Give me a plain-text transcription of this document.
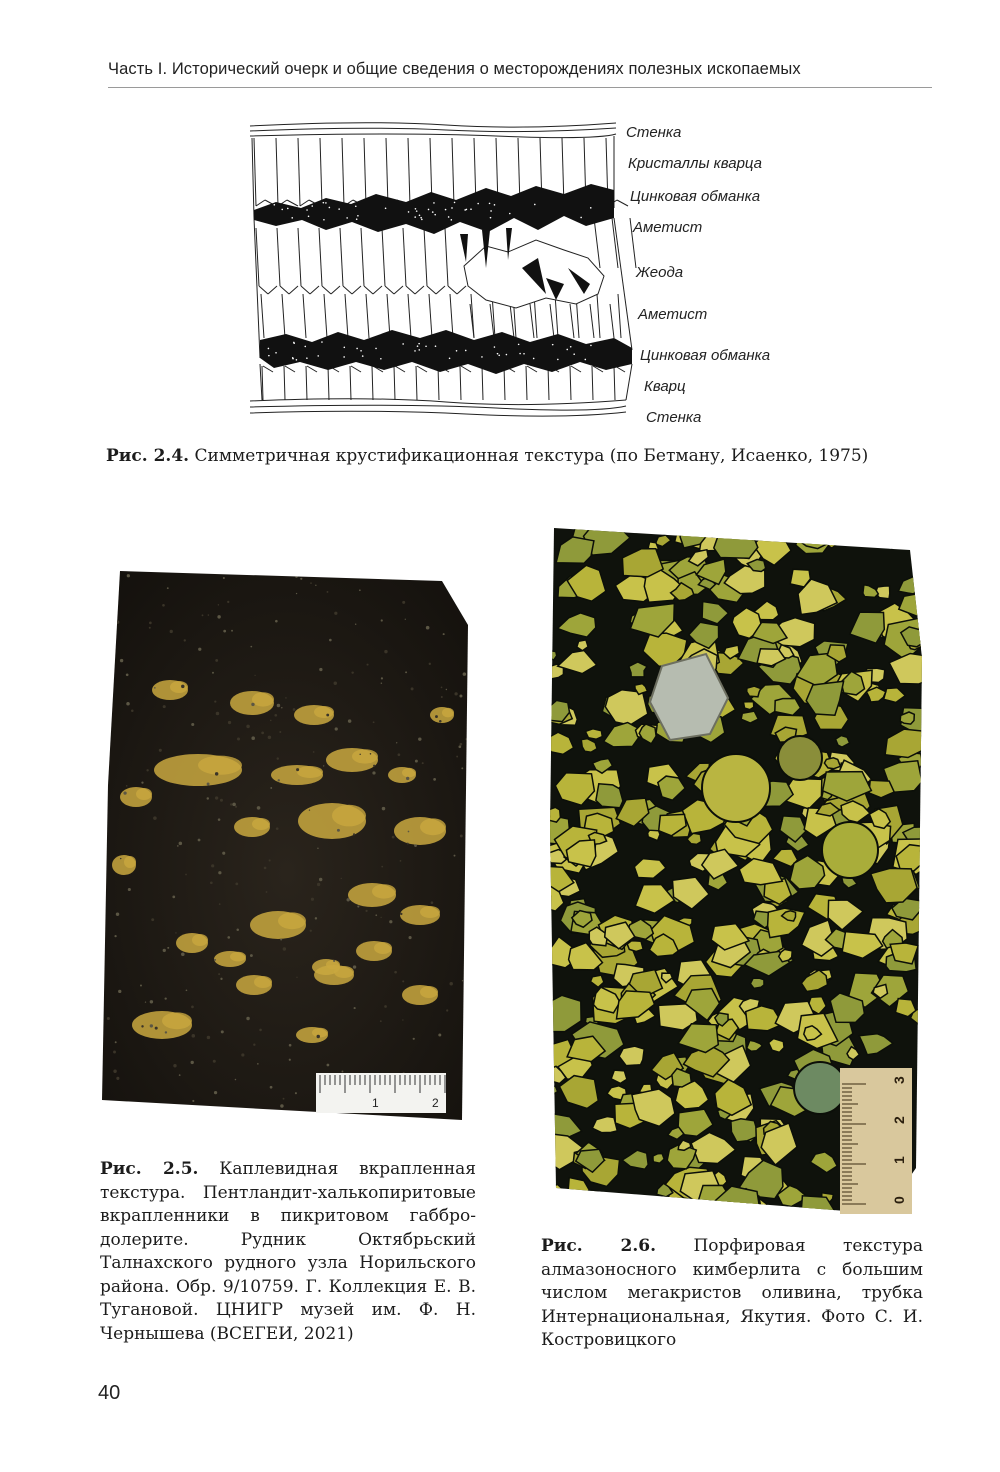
Часть I. Исторический очерк и общие сведения о месторождениях полезных ископаемых
Стенка
Кристаллы кварца
Цинковая обманка
Аметист
Жеода
Аметист
Цинковая обманка
Кварц
Стенка
Рис. 2.4. Симметричная крустификационная текстура (по Бетману, Исаенко, 1975)
1	2
Рис. 2.5. Каплевидная вкрапленная текстура. Пентландит-халькопиритовые вкрапленники в пикритовом габбро-долерите. Рудник Октябрьский Талнахского рудного узла Норильского района. Обр. 9/10759. Г. Коллекция Е. В. Тугановой. ЦНИГР музей им. Ф. Н. Чернышева (ВСЕГЕИ, 2021)
0
1
2
3
Рис. 2.6. Порфировая текстура алмазоносного кимберлита с большим числом мегакристов оливина, трубка Интернациональная, Якутия. Фото С. И. Костровицкого
40
